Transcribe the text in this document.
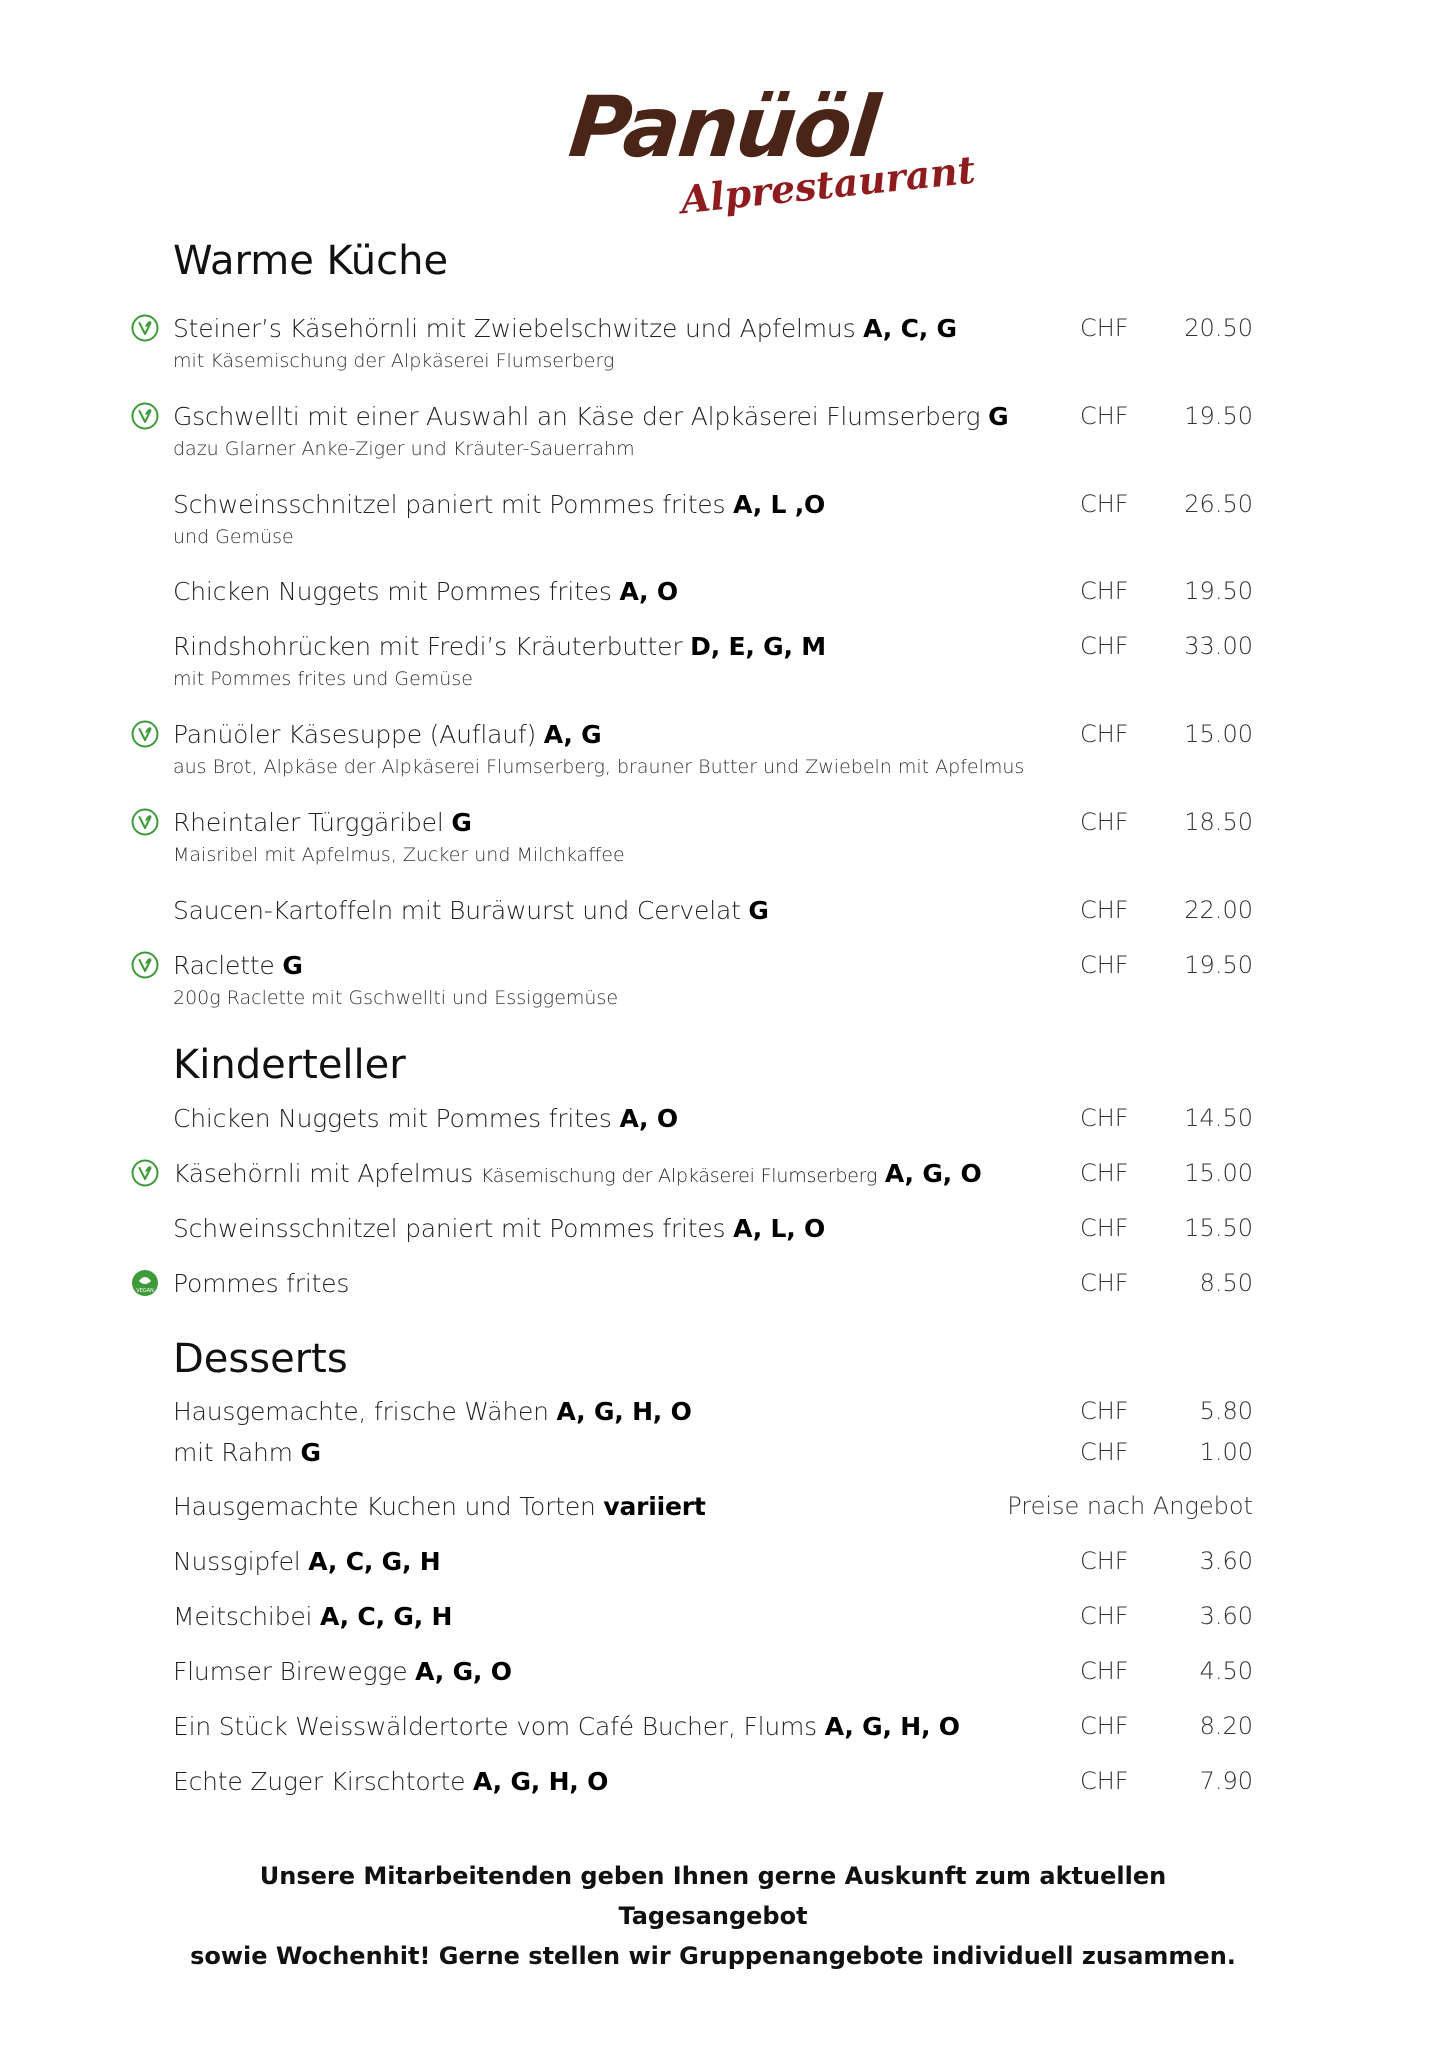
Panüöl
Alprestaurant
Warme Küche
Steiner’s Käsehörnli mit Zwiebelschwitze und Apfelmus A, C, G	CHF 20.50
mit Käsemischung der Alpkäserei Flumserberg
Gschwellti mit einer Auswahl an Käse der Alpkäserei Flumserberg G	CHF 19.50
dazu Glarner Anke-Ziger und Kräuter-Sauerrahm
Schweinsschnitzel paniert mit Pommes frites A, L ,O	CHF 26.50
und Gemüse
Chicken Nuggets mit Pommes frites A, O	CHF 19.50
Rindshohrücken mit Fredi’s Kräuterbutter D, E, G, M	CHF 33.00
mit Pommes frites und Gemüse
Panüöler Käsesuppe (Auflauf) A, G	CHF 15.00
aus Brot, Alpkäse der Alpkäserei Flumserberg, brauner Butter und Zwiebeln mit Apfelmus
Rheintaler Türggäribel G	CHF 18.50
Maisribel mit Apfelmus, Zucker und Milchkaffee
Saucen-Kartoffeln mit Buräwurst und Cervelat G	CHF 22.00
Raclette G	CHF 19.50
200g Raclette mit Gschwellti und Essiggemüse
Kinderteller
Chicken Nuggets mit Pommes frites A, O	CHF 14.50
Käsehörnli mit Apfelmus Käsemischung der Alpkäserei Flumserberg A, G, O	CHF 15.00
Schweinsschnitzel paniert mit Pommes frites A, L, O	CHF 15.50
VEGAN Pommes frites	CHF	8.50
Desserts
Hausgemachte, frische Wähen A, G, H, O	CHF	5.80
mit Rahm G	CHF	1.00
Hausgemachte Kuchen und Torten variiert	Preise nach Angebot
Nussgipfel A, C, G, H	CHF	3.60
Meitschibei A, C, G, H	CHF	3.60
Flumser Birewegge A, G, O	CHF	4.50
Ein Stück Weisswäldertorte vom Café Bucher, Flums A, G, H, O	CHF	8.20
Echte Zuger Kirschtorte A, G, H, O	CHF	7.90
Unsere Mitarbeitenden geben Ihnen gerne Auskunft zum aktuellen Tagesangebot
sowie Wochenhit! Gerne stellen wir Gruppenangebote individuell zusammen.
